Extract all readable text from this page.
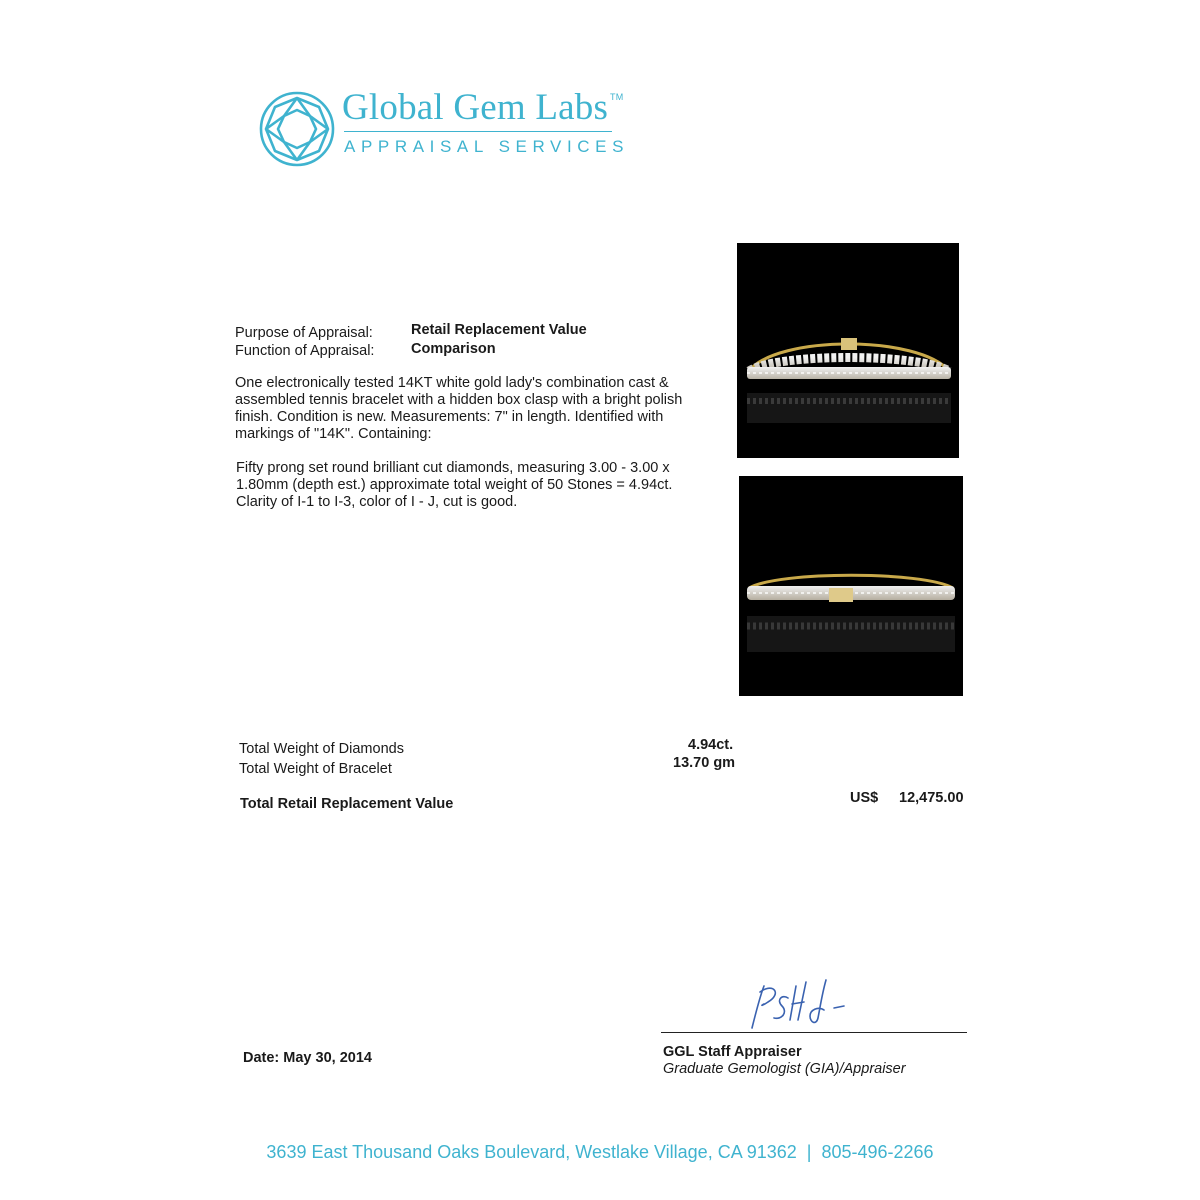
Global Gem Labs ™
APPRAISAL SERVICES
Purpose of Appraisal:	Retail Replacement Value
Function of Appraisal:	Comparison
One electronically tested 14KT white gold lady's combination cast & assembled tennis bracelet with a hidden box clasp with a bright polish finish. Condition is new. Measurements: 7" in length. Identified with markings of "14K". Containing:
Fifty prong set round brilliant cut diamonds, measuring 3.00 - 3.00 x 1.80mm (depth est.) approximate total weight of 50 Stones = 4.94ct. Clarity of I-1 to I-3, color of I - J, cut is good.
Total Weight of Diamonds	4.94ct.
Total Weight of Bracelet	13.70 gm
Total Retail Replacement Value	US$ 12,475.00
Date: May 30, 2014	GGL Staff Appraiser
Graduate Gemologist (GIA)/Appraiser
3639 East Thousand Oaks Boulevard, Westlake Village, CA 91362 | 805-496-2266
